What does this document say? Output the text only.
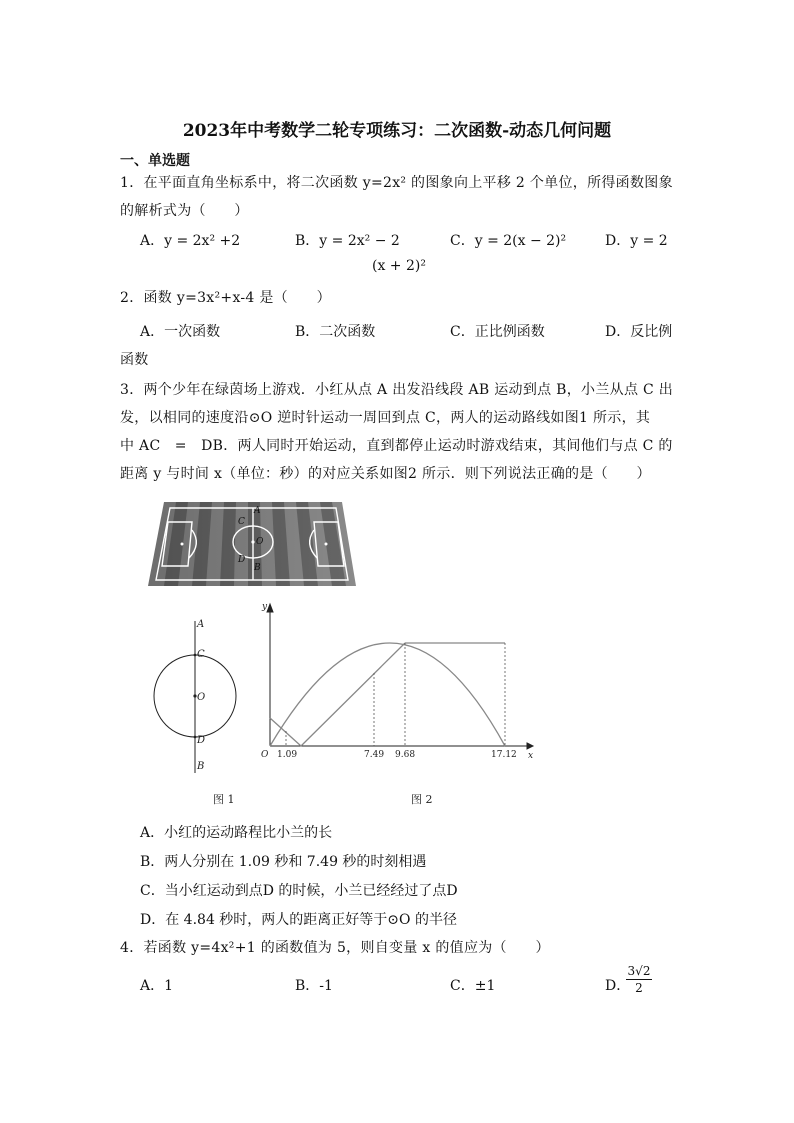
2023年中考数学二轮专项练习：二次函数-动态几何问题
一、单选题
1．在平面直角坐标系中，将二次函数 y=2x² 的图象向上平移 2 个单位，所得函数图象
的解析式为（　　）
A．y = 2x² +2	B．y = 2x² − 2	C．y = 2(x − 2)²	D．y = 2
(x + 2)²
2．函数 y=3x²+x-4 是（　　）
A．一次函数	B．二次函数	C．正比例函数	D．反比例
函数
3．两个少年在绿茵场上游戏．小红从点 A 出发沿线段 AB 运动到点 B，小兰从点 C 出
发，以相同的速度沿⊙O 逆时针运动一周回到点 C，两人的运动路线如图1 所示，其
中 AC　=　DB．两人同时开始运动，直到都停止运动时游戏结束，其间他们与点 C 的
距离 y 与时间 x（单位：秒）的对应关系如图2 所示．则下列说法正确的是（　　）
A
C
O
D
B
A
C
O
D
B
图 1
y
x
O 1.09	7.49 9.68	17.12
图 2
A．小红的运动路程比小兰的长
B．两人分别在 1.09 秒和 7.49 秒的时刻相遇
C．当小红运动到点D 的时候，小兰已经经过了点D
D．在 4.84 秒时，两人的距离正好等于⊙O 的半径
4．若函数 y=4x²+1 的函数值为 5，则自变量 x 的值应为（　　）
A．1	B．-1	C．±1	D．
$\frac{3√2}{2}$
